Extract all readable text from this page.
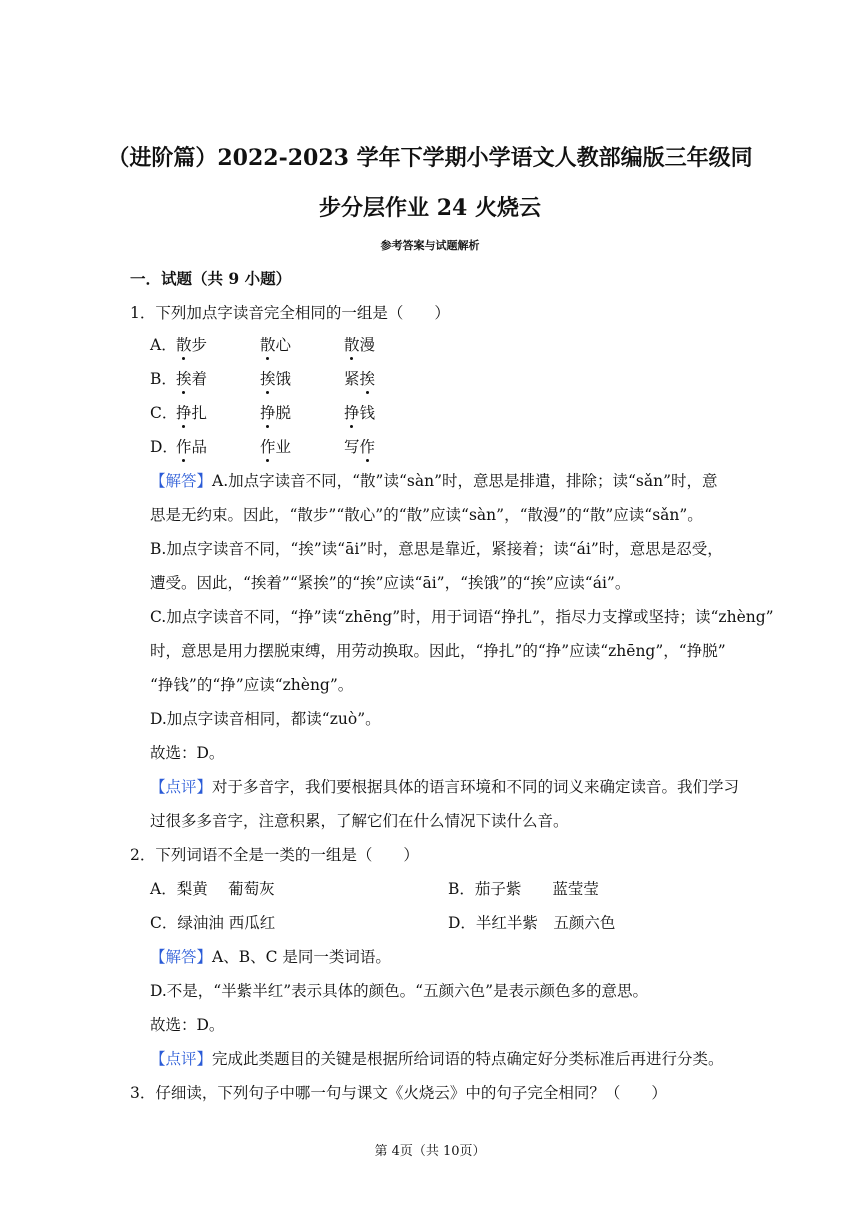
（进阶篇）2022-2023 学年下学期小学语文人教部编版三年级同
步分层作业 24 火烧云
参考答案与试题解析
一．试题（共 9 小题）
1．下列加点字读音完全相同的一组是（　　）
A． 散步	散心	散漫
B． 挨着	挨饿	紧挨
C．
挣扎	挣脱	挣钱
D．
作品	作业	写作
【解答】A.加点字读音不同，“散”读“sàn”时，意思是排遣，排除；读“sǎn”时，意
思是无约束。因此，“散步”“散心”的“散”应读“sàn”，“散漫”的“散”应读“sǎn”。
B.加点字读音不同，“挨”读“āi”时，意思是靠近，紧接着；读“ái”时，意思是忍受，
遭受。因此，“挨着”“紧挨”的“挨”应读“āi”，“挨饿”的“挨”应读“ái”。
C.加点字读音不同，“挣”读“zhēng”时，用于词语“挣扎”，指尽力支撑或坚持；读“zhèng”
时，意思是用力摆脱束缚，用劳动换取。因此，“挣扎”的“挣”应读“zhēng”，“挣脱”
“挣钱”的“挣”应读“zhèng”。
D.加点字读音相同，都读“zuò”。
故选：D。
【点评】对于多音字，我们要根据具体的语言环境和不同的词义来确定读音。我们学习
过很多多音字，注意积累，了解它们在什么情况下读什么音。
2．下列词语不全是一类的一组是（　　）
A．梨黄　 葡萄灰	B．茄子紫　　蓝莹莹
C．绿油油 西瓜红	D．半红半紫　五颜六色
【解答】A、B、C 是同一类词语。
D.不是，“半紫半红”表示具体的颜色。“五颜六色”是表示颜色多的意思。
故选：D。
【点评】完成此类题目的关键是根据所给词语的特点确定好分类标准后再进行分类。
3．仔细读，下列句子中哪一句与课文《火烧云》中的句子完全相同？（　　）
第 4页（共 10页）
